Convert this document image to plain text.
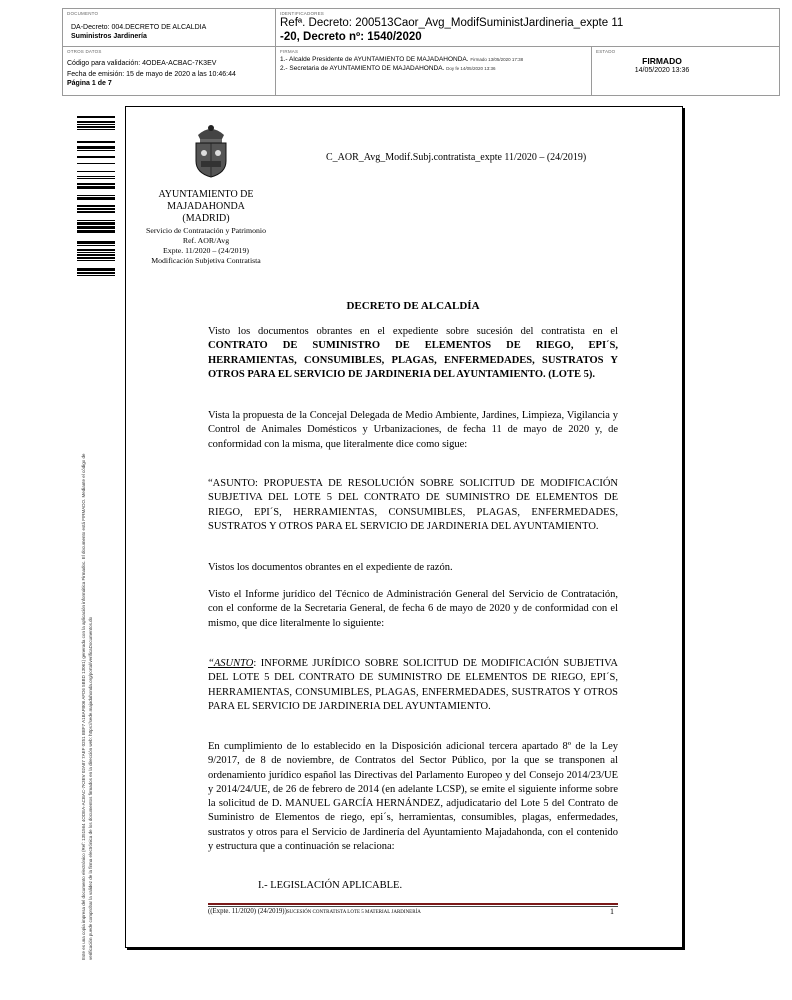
DOCUMENTO
DA-Decreto: 004.DECRETO DE ALCALDIA
Suministros Jardinería
IDENTIFICADORES
Refª. Decreto: 200513Caor_Avg_ModifSuministJardineria_expte 11
-20, Decreto nº: 1540/2020
OTROS DATOS
Código para validación: 4ODEA-ACBAC-7K3EV
Fecha de emisión: 15 de mayo de 2020 a las 10:46:44
Página 1 de 7
FIRMAS
1.- Alcalde Presidente de AYUNTAMIENTO DE MAJADAHONDA. Firmado 13/05/2020 17:38
2.- Secretaria de AYUNTAMIENTO DE MAJADAHONDA. Doy fe 14/05/2020 13:36
ESTADO
FIRMADO
14/05/2020 13:36
Este es una copia impresa del documento electrónico (Ref: 1351564 4ODEA-ACBAC-7K3EV 02A87 7AEF 0251 BBF7 A1BAFB06 AFD6 5BBD 13061) generada con la aplicación informática Firmadoc. El documento está FIRMADO. Mediante el código de verificación puede comprobar la validez de la firma electrónica de los documentos firmados en la dirección web: https://sede.majadahonda.org/portal/verificaDocumentos.do
AYUNTAMIENTO DE
MAJADAHONDA
(MADRID)
Servicio de Contratación y Patrimonio
Ref. AOR/Avg
Expte. 11/2020 – (24/2019)
Modificación Subjetiva Contratista
C_AOR_Avg_Modif.Subj.contratista_expte 11/2020 – (24/2019)
DECRETO DE ALCALDÍA
Visto los documentos obrantes en el expediente sobre sucesión del contratista en el CONTRATO DE SUMINISTRO DE ELEMENTOS DE RIEGO, EPI´S, HERRAMIENTAS, CONSUMIBLES, PLAGAS, ENFERMEDADES, SUSTRATOS Y OTROS PARA EL SERVICIO DE JARDINERIA DEL AYUNTAMIENTO. (LOTE 5).
Vista la propuesta de la Concejal Delegada de Medio Ambiente, Jardines, Limpieza, Vigilancia y Control de Animales Domésticos y Urbanizaciones, de fecha 11 de mayo de 2020 y, de conformidad con la misma, que literalmente dice como sigue:
“ASUNTO: PROPUESTA DE RESOLUCIÓN SOBRE SOLICITUD DE MODIFICACIÓN SUBJETIVA DEL LOTE 5 DEL CONTRATO DE SUMINISTRO DE ELEMENTOS DE RIEGO, EPI´S, HERRAMIENTAS, CONSUMIBLES, PLAGAS, ENFERMEDADES, SUSTRATOS Y OTROS PARA EL SERVICIO DE JARDINERIA DEL AYUNTAMIENTO.
Vistos los documentos obrantes en el expediente de razón.
Visto el Informe jurídico del Técnico de Administración General del Servicio de Contratación, con el conforme de la Secretaria General, de fecha 6 de mayo de 2020 y de conformidad con el mismo, que dice literalmente lo siguiente:
“ASUNTO: INFORME JURÍDICO SOBRE SOLICITUD DE MODIFICACIÓN SUBJETIVA DEL LOTE 5 DEL CONTRATO DE SUMINISTRO DE ELEMENTOS DE RIEGO, EPI´S, HERRAMIENTAS, CONSUMIBLES, PLAGAS, ENFERMEDADES, SUSTRATOS Y OTROS PARA EL SERVICIO DE JARDINERIA DEL AYUNTAMIENTO.
En cumplimiento de lo establecido en la Disposición adicional tercera apartado 8º de la Ley 9/2017, de 8 de noviembre, de Contratos del Sector Público, por la que se transponen al ordenamiento jurídico español las Directivas del Parlamento Europeo y del Consejo 2014/23/UE y 2014/24/UE, de 26 de febrero de 2014 (en adelante LCSP), se emite el siguiente informe sobre la solicitud de D. MANUEL GARCÍA HERNÁNDEZ, adjudicatario del Lote 5 del Contrato de Suministro de Elementos de riego, epi´s, herramientas, consumibles, plagas, enfermedades, sustratos y otros para el Servicio de Jardinería del Ayuntamiento Majadahonda, con el contenido y estructura que a continuación se relaciona:
I.- LEGISLACIÓN APLICABLE.
((Expte. 11/2020) (24/2019))SUCESIÓN CONTRATISTA LOTE 5 MATERIAL JARDINERÍA	1
